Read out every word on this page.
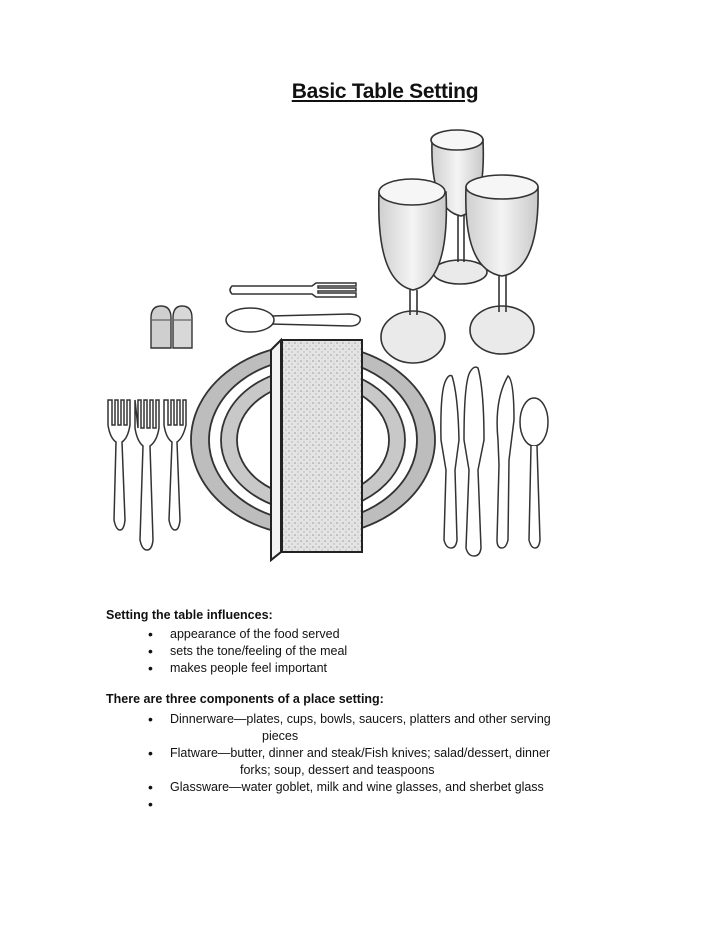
Basic Table Setting
Setting the table influences:
• appearance of the food served
• sets the tone/feeling of the meal
• makes people feel important
There are three components of a place setting:
• Dinnerware—plates, cups, bowls, saucers, platters and other serving
pieces
• Flatware—butter, dinner and steak/Fish knives; salad/dessert, dinner
forks; soup, dessert and teaspoons
• Glassware—water goblet, milk and wine glasses, and sherbet glass
